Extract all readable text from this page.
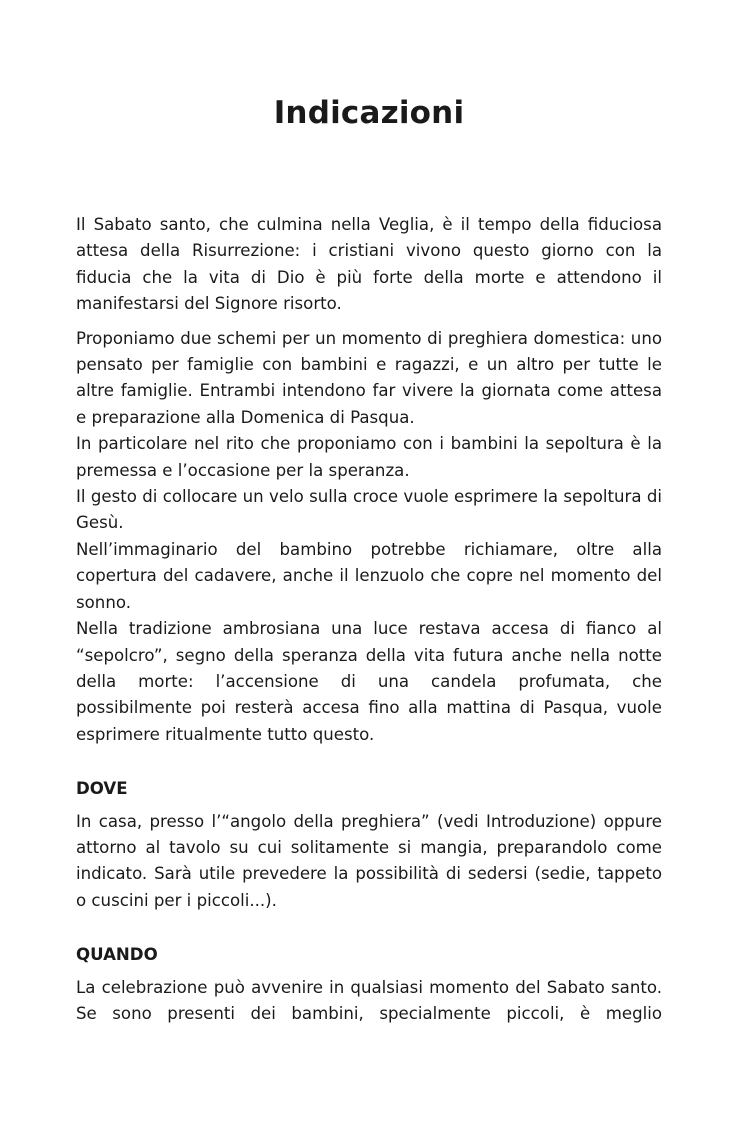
Indicazioni

Il Sabato santo, che culmina nella Veglia, è il tempo della fiduciosa attesa della Risurrezione: i cristiani vivono questo giorno con la fiducia che la vita di Dio è più forte della morte e attendono il manifestarsi del Signore risorto.

Proponiamo due schemi per un momento di preghiera domestica: uno pensato per famiglie con bambini e ragazzi, e un altro per tutte le altre famiglie. Entrambi intendono far vivere la giornata come attesa e preparazione alla Domenica di Pasqua.

In particolare nel rito che proponiamo con i bambini la sepoltura è la premessa e l’occasione per la speranza.

Il gesto di collocare un velo sulla croce vuole esprimere la sepoltura di Gesù.

Nell’immaginario del bambino potrebbe richiamare, oltre alla copertura del cadavere, anche il lenzuolo che copre nel momento del sonno.

Nella tradizione ambrosiana una luce restava accesa di fianco al “sepolcro”, segno della speranza della vita futura anche nella notte della morte: l’accensione di una candela profumata, che possibilmente poi resterà accesa fino alla mattina di Pasqua, vuole esprimere ritualmente tutto questo.

DOVE

In casa, presso l’“angolo della preghiera” (vedi Introduzione) oppure attorno al tavolo su cui solitamente si mangia, preparandolo come indicato. Sarà utile prevedere la possibilità di sedersi (sedie, tappeto o cuscini per i piccoli...).

QUANDO

La celebrazione può avvenire in qualsiasi momento del Sabato santo. Se sono presenti dei bambini, specialmente piccoli, è meglio
